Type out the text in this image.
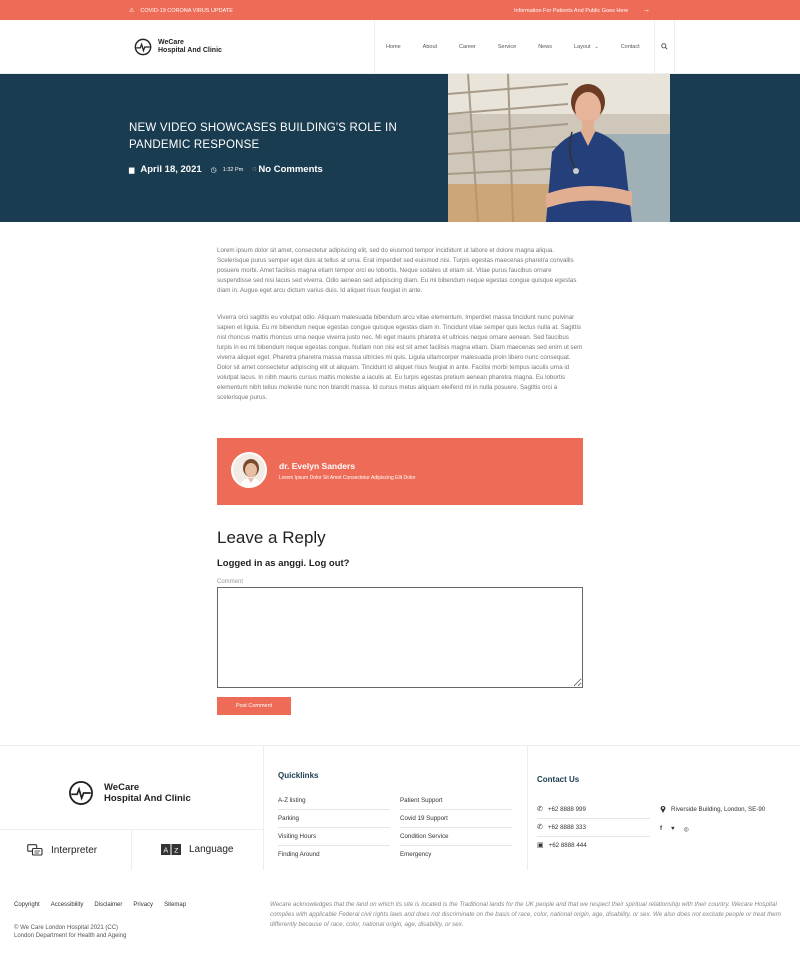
⚠ COVID-19 CORONA VIRUS UPDATE	Information For Patients And Public Goes Here →
WeCare
Hospital And Clinic
Home	About	Career	Service	News	Layout ⌄	Contact
NEW VIDEO SHOWCASES BUILDING'S ROLE IN PANDEMIC RESPONSE
▆ April 18, 2021 ◷ 1:32 Pm ◌ No Comments

Lorem ipsum dolor sit amet, consectetur adipiscing elit, sed do eiusmod tempor incididunt ut labore et dolore magna aliqua. Scelerisque purus semper eget duis at tellus at urna. Erat imperdiet sed euismod nisi. Turpis egestas maecenas pharetra convallis posuere morbi. Amet facilisis magna etiam tempor orci eu lobortis. Neque sodales ut etiam sit. Vitae purus faucibus ornare suspendisse sed nisi lacus sed viverra. Odio aenean sed adipiscing diam. Eu mi bibendum neque egestas congue quisque egestas diam in. Augue eget arcu dictum varius duis. Id aliquet risus feugiat in ante.

Viverra orci sagittis eu volutpat odio. Aliquam malesuada bibendum arcu vitae elementum. Imperdiet massa tincidunt nunc pulvinar sapien et ligula. Eu mi bibendum neque egestas congue quisque egestas diam in. Tincidunt vitae semper quis lectus nulla at. Sagittis nisl rhoncus mattis rhoncus urna neque viverra justo nec. Mi eget mauris pharetra et ultrices neque ornare aenean. Sed faucibus turpis in eu mi bibendum neque egestas congue. Nullam non nisi est sit amet facilisis magna etiam. Diam maecenas sed enim ut sem viverra aliquet eget. Pharetra pharetra massa massa ultricies mi quis. Ligula ullamcorper malesuada proin libero nunc consequat. Dolor sit amet consectetur adipiscing elit ut aliquam. Tincidunt id aliquet risus feugiat in ante. Facilisi morbi tempus iaculis urna id volutpat lacus. In nibh mauris cursus mattis molestie a iaculis at. Eu turpis egestas pretium aenean pharetra magna. Eu lobortis elementum nibh tellus molestie nunc non blandit massa. Id cursus metus aliquam eleifend mi in nulla posuere. Sagittis orci a scelerisque purus.

dr. Evelyn Sanders
Lorem Ipsum Dolor Sit Amet Consectetur Adipiscing Elit Dolor
Leave a Reply
Logged in as anggi. Log out?
Comment
Post Comment
WeCare
Hospital And Clinic
Interpreter	A Z Language
Quicklinks
A-Z listing
Parking
Visiting Hours
Finding Around
Patient Support
Covid 19 Support
Condition Service
Emergency
Contact Us
✆ +62 8888 999
✆ +62 8888 333
▣ +62 8888 444
Riverside Building, London, SE-90
f ♥ ◎
Copyright Accessibility Disclaimer Privacy Sitemap
© We Care London Hospital 2021 (CC)
London Department for Health and Ageing

Wecare acknowledges that the land on which its site is located is the Traditional lands for the UK people and that we respect their spiritual relationship with their country. Wecare Hospital complies with applicable Federal civil rights laws and does not discriminate on the basis of race, color, national origin, age, disability, or sex. We also does not exclude people or treat them differently because of race, color, national origin, age, disability, or sex.
